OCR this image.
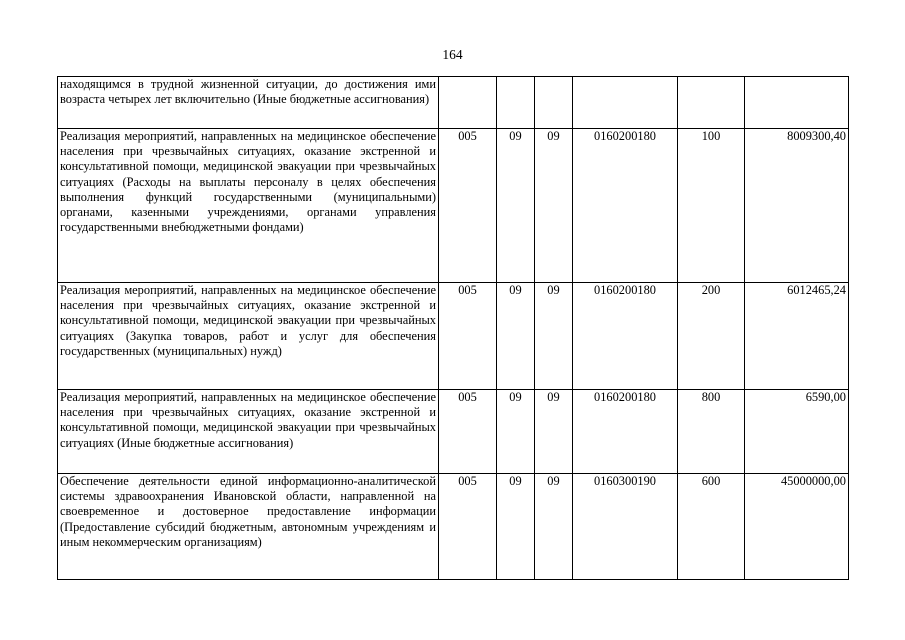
164
находящимся в трудной жизненной ситуации, до достижения ими возраста четырех лет включительно (Иные бюджетные ассигнования)						
Реализация мероприятий, направленных на медицинское обеспечение населения при чрезвычайных ситуациях, оказание экстренной и консультативной помощи, медицинской эвакуации при чрезвычайных ситуациях (Расходы на выплаты персоналу в целях обеспечения выполнения функций государственными (муниципальными) органами, казенными учреждениями, органами управления государственными внебюджетными фондами)	005	09	09	0160200180	100	8009300,40
Реализация мероприятий, направленных на медицинское обеспечение населения при чрезвычайных ситуациях, оказание экстренной и консультативной помощи, медицинской эвакуации при чрезвычайных ситуациях (Закупка товаров, работ и услуг для обеспечения государственных (муниципальных) нужд)	005	09	09	0160200180	200	6012465,24
Реализация мероприятий, направленных на медицинское обеспечение населения при чрезвычайных ситуациях, оказание экстренной и консультативной помощи, медицинской эвакуации при чрезвычайных ситуациях (Иные бюджетные ассигнования)	005	09	09	0160200180	800	6590,00
Обеспечение деятельности единой информационно-аналитической системы здравоохранения Ивановской области, направленной на своевременное и достоверное предоставление информации (Предоставление субсидий бюджетным, автономным учреждениям и иным некоммерческим организациям)	005	09	09	0160300190	600	45000000,00
